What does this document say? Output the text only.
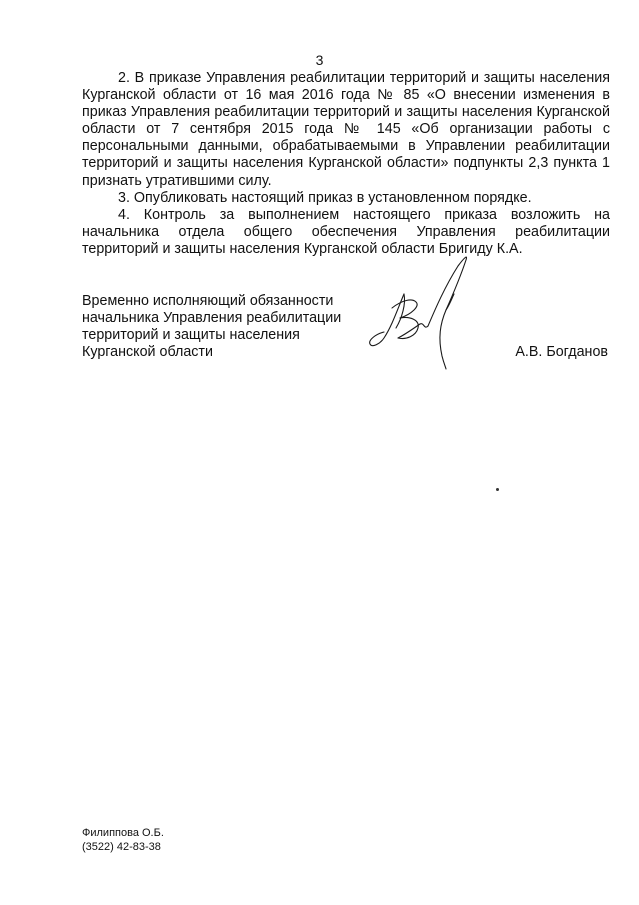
3

2. В приказе Управления реабилитации территорий и защиты населения Курганской области от 16 мая 2016 года № 85 «О внесении изменения в приказ Управления реабилитации территорий и защиты населения Курганской области от 7 сентября 2015 года № 145 «Об организации работы с персональными данными, обрабатываемыми в Управлении реабилитации территорий и защиты населения Курганской области» подпункты 2,3 пункта 1 признать утратившими силу.

3. Опубликовать настоящий приказ в установленном порядке.

4. Контроль за выполнением настоящего приказа возложить на начальника отдела общего обеспечения Управления реабилитации территорий и защиты населения Курганской области Бригиду К.А.

Временно исполняющий обязанности
начальника Управления реабилитации
территорий и защиты населения
Курганской области	А.В. Богданов
Филиппова О.Б.
(3522) 42-83-38
